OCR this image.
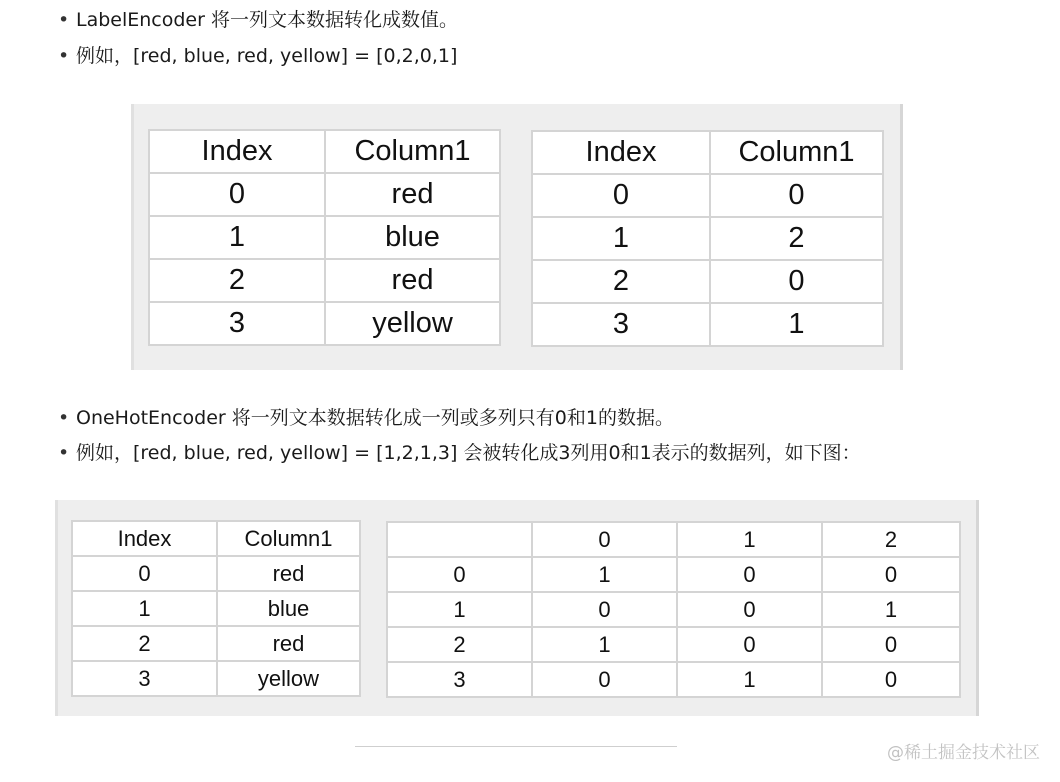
• LabelEncoder 将一列文本数据转化成数值。
• 例如，[red, blue, red, yellow] = [0,2,0,1]
Index	Column1
0	red
1	blue
2	red
3	yellow
Index	Column1
0	0
1	2
2	0
3	1
• OneHotEncoder 将一列文本数据转化成一列或多列只有0和1的数据。
• 例如，[red, blue, red, yellow] = [1,2,1,3] 会被转化成3列用0和1表示的数据列，如下图：
Index	Column1
0	red
1	blue
2	red
3	yellow
	0	1	2
0	1	0	0
1	0	0	1
2	1	0	0
3	0	1	0
@稀土掘金技术社区
